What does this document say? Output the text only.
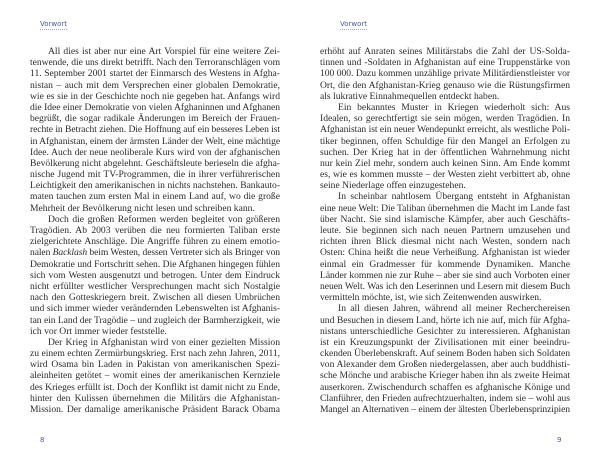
Vorwort
All dies ist aber nur eine Art Vorspiel für eine weitere Zei-
tenwende, die uns direkt betrifft. Nach den Terroranschlägen vom
11. September 2001 startet der Einmarsch des Westens in Afgha-
nistan – auch mit dem Versprechen einer globalen Demokratie,
wie es sie in der Geschichte noch nie gegeben hat. Anfangs wird
die Idee einer Demokratie von vielen Afghaninnen und Afghanen
begrüßt, die sogar radikale Änderungen im Bereich der Frauen-
rechte in Betracht ziehen. Die Hoffnung auf ein besseres Leben ist
in Afghanistan, einem der ärmsten Länder der Welt, eine mächtige
Idee. Auch der neue neoliberale Kurs wird von der afghanischen
Bevölkerung nicht abgelehnt. Geschäftsleute berieseln die afgha-
nische Jugend mit TV-Programmen, die in ihrer verführerischen
Leichtigkeit den amerikanischen in nichts nachstehen. Bankauto-
maten tauchen zum ersten Mal in einem Land auf, wo die große
Mehrheit der Bevölkerung nicht lesen und schreiben kann.
Doch die großen Reformen werden begleitet von größeren
Tragödien. Ab 2003 verüben die neu formierten Taliban erste
zielgerichtete Anschläge. Die Angriffe führen zu einem emotio-
nalen Backlash beim Westen, dessen Vertreter sich als Bringer von
Demokratie und Fortschritt sehen. Die Afghanen hingegen fühlen
sich vom Westen ausgenutzt und betrogen. Unter dem Eindruck
nicht erfüllter westlicher Versprechungen macht sich Nostalgie
nach den Gotteskriegern breit. Zwischen all diesen Umbrüchen
und sich immer wieder verändernden Lebenswelten ist Afghanis-
tan ein Land der Tragödie – und zugleich der Barmherzigkeit, wie
ich vor Ort immer wieder feststelle.
Der Krieg in Afghanistan wird von einer gezielten Mission
zu einem echten Zermürbungskrieg. Erst nach zehn Jahren, 2011,
wird Osama bin Laden in Pakistan von amerikanischen Spezi-
aleinheiten getötet – womit eines der amerikanischen Kernziele
des Krieges erfüllt ist. Doch der Konflikt ist damit nicht zu Ende,
hinter den Kulissen übernehmen die Militärs die Afghanistan-
Mission. Der damalige amerikanische Präsident Barack Obama
8
Vorwort
erhöht auf Anraten seines Militärstabs die Zahl der US-Solda-
tinnen und -Soldaten in Afghanistan auf eine Truppenstärke von
100 000. Dazu kommen unzählige private Militärdienstleister vor
Ort, die den Afghanistan-Krieg genauso wie die Rüstungsfirmen
als lukrative Einnahmequellen entdeckt haben.
Ein bekanntes Muster in Kriegen wiederholt sich: Aus
Idealen, so gerechtfertigt sie sein mögen, werden Tragödien. In
Afghanistan ist ein neuer Wendepunkt erreicht, als westliche Poli-
tiker beginnen, offen Schuldige für den Mangel an Erfolgen zu
suchen. Der Krieg hat in der öffentlichen Wahrnehmung nicht
nur kein Ziel mehr, sondern auch keinen Sinn. Am Ende kommt
es, wie es kommen musste – der Westen zieht verbittert ab, ohne
seine Niederlage offen einzugestehen.
In scheinbar nahtlosem Übergang entsteht in Afghanistan
eine neue Welt: Die Taliban übernehmen die Macht im Lande fast
über Nacht. Sie sind islamische Kämpfer, aber auch Geschäfts-
leute. Sie beginnen sich nach neuen Partnern umzusehen und
richten ihren Blick diesmal nicht nach Westen, sondern nach
Osten: China heißt die neue Verheißung. Afghanistan ist wieder
einmal ein Gradmesser für kommende Dynamiken. Manche
Länder kommen nie zur Ruhe – aber sie sind auch Vorboten einer
neuen Welt. Was ich den Leserinnen und Lesern mit diesem Buch
vermitteln möchte, ist, wie sich Zeitenwenden auswirken.
In all diesen Jahren, während all meiner Recherchereisen
und Besuchen in diesem Land, hörte ich nie auf, mich für Afgha-
nistans unterschiedliche Gesichter zu interessieren. Afghanistan
ist ein Kreuzungspunkt der Zivilisationen mit einer beeindru-
ckenden Überlebenskraft. Auf seinem Boden haben sich Soldaten
von Alexander dem Großen niedergelassen, aber auch buddhisti-
sche Mönche und arabische Krieger haben ihn als zweite Heimat
auserkoren. Zwischendurch schaffen es afghanische Könige und
Clanführer, den Frieden aufrechtzuerhalten, indem sie – wohl aus
Mangel an Alternativen – einem der ältesten Überlebensprinzipien
9
